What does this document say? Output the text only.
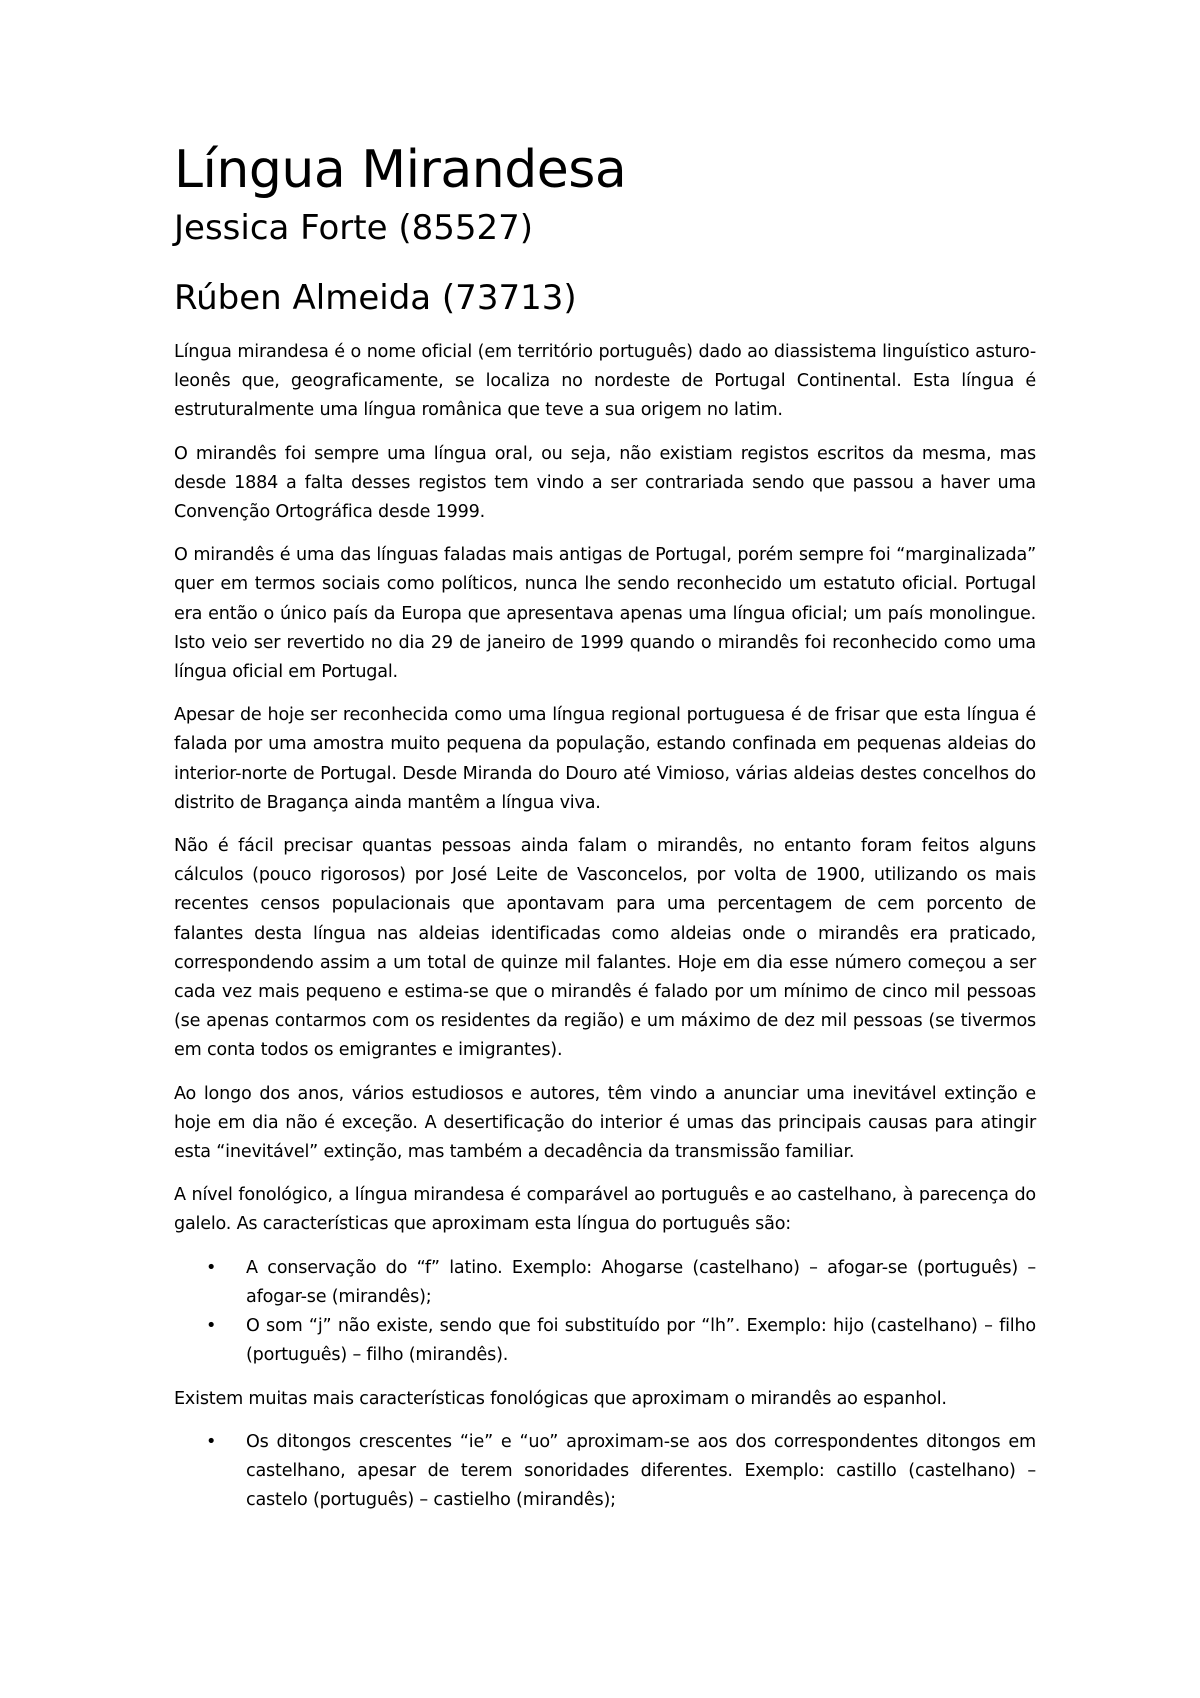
Língua Mirandesa
Jessica Forte (85527)
Rúben Almeida (73713)

Língua mirandesa é o nome oficial (em território português) dado ao diassistema linguístico asturo-leonês que, geograficamente, se localiza no nordeste de Portugal Continental. Esta língua é estruturalmente uma língua românica que teve a sua origem no latim.

O mirandês foi sempre uma língua oral, ou seja, não existiam registos escritos da mesma, mas desde 1884 a falta desses registos tem vindo a ser contrariada sendo que passou a haver uma Convenção Ortográfica desde 1999.

O mirandês é uma das línguas faladas mais antigas de Portugal, porém sempre foi “marginalizada” quer em termos sociais como políticos, nunca lhe sendo reconhecido um estatuto oficial. Portugal era então o único país da Europa que apresentava apenas uma língua oficial; um país monolingue. Isto veio ser revertido no dia 29 de janeiro de 1999 quando o mirandês foi reconhecido como uma língua oficial em Portugal.

Apesar de hoje ser reconhecida como uma língua regional portuguesa é de frisar que esta língua é falada por uma amostra muito pequena da população, estando confinada em pequenas aldeias do interior-norte de Portugal. Desde Miranda do Douro até Vimioso, várias aldeias destes concelhos do distrito de Bragança ainda mantêm a língua viva.

Não é fácil precisar quantas pessoas ainda falam o mirandês, no entanto foram feitos alguns cálculos (pouco rigorosos) por José Leite de Vasconcelos, por volta de 1900, utilizando os mais recentes censos populacionais que apontavam para uma percentagem de cem porcento de falantes desta língua nas aldeias identificadas como aldeias onde o mirandês era praticado, correspondendo assim a um total de quinze mil falantes. Hoje em dia esse número começou a ser cada vez mais pequeno e estima-se que o mirandês é falado por um mínimo de cinco mil pessoas (se apenas contarmos com os residentes da região) e um máximo de dez mil pessoas (se tivermos em conta todos os emigrantes e imigrantes).

Ao longo dos anos, vários estudiosos e autores, têm vindo a anunciar uma inevitável extinção e hoje em dia não é exceção. A desertificação do interior é umas das principais causas para atingir esta “inevitável” extinção, mas também a decadência da transmissão familiar.

A nível fonológico, a língua mirandesa é comparável ao português e ao castelhano, à parecença do galelo. As características que aproximam esta língua do português são:

• A conservação do “f” latino. Exemplo: Ahogarse (castelhano) – afogar-se (português) – afogar-se (mirandês);
• O som “j” não existe, sendo que foi substituído por “lh”. Exemplo: hijo (castelhano) – filho (português) – filho (mirandês).

Existem muitas mais características fonológicas que aproximam o mirandês ao espanhol.

• Os ditongos crescentes “ie” e “uo” aproximam-se aos dos correspondentes ditongos em castelhano, apesar de terem sonoridades diferentes. Exemplo: castillo (castelhano) – castelo (português) – castielho (mirandês);
